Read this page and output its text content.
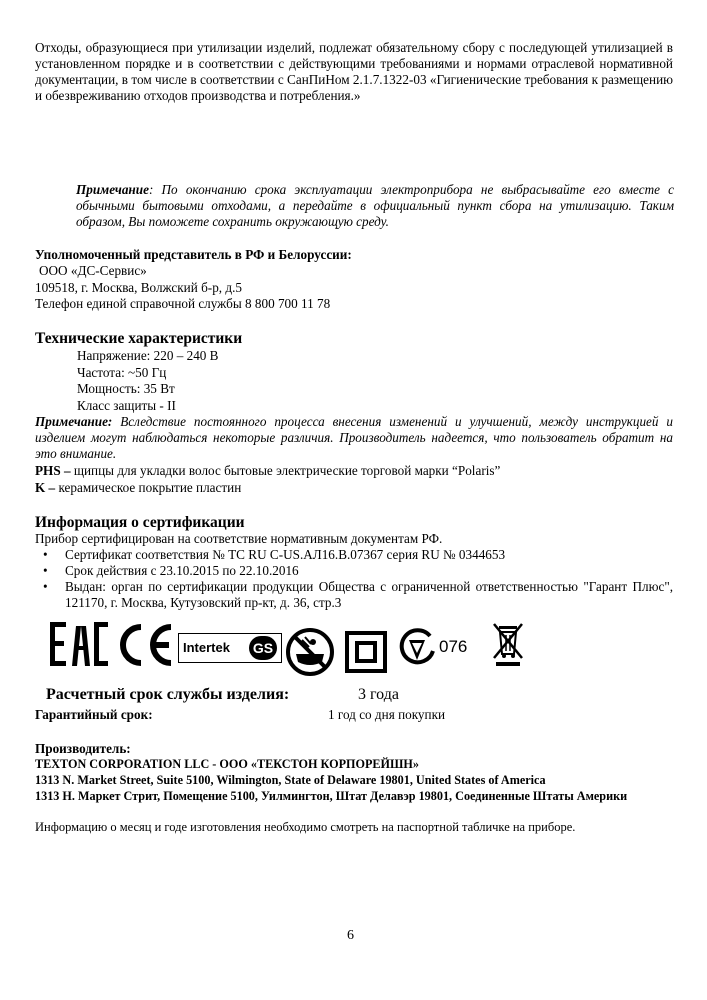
Отходы, образующиеся при утилизации изделий, подлежат обязательному сбору с последующей утилизацией в установленном порядке и в соответствии с действующими требованиями и нормами отраслевой нормативной документации, в том числе в соответствии с СанПиНом 2.1.7.1322-03 «Гигиенические требования к размещению и обезвреживанию отходов производства и потребления.»

Примечание: По окончанию срока эксплуатации электроприбора не выбрасывайте его вместе с обычными бытовыми отходами, а передайте в официальный пункт сбора на утилизацию. Таким образом, Вы поможете сохранить окружающую среду.

Уполномоченный представитель в РФ и Белоруссии:
ООО «ДС-Сервис»
109518, г. Москва, Волжский б-р, д.5
Телефон единой справочной службы 8 800 700 11 78
Технические характеристики
Напряжение: 220 – 240 В
Частота: ~50 Гц
Мощность: 35 Вт
Класс защиты - II

Примечание: Вследствие постоянного процесса внесения изменений и улучшений, между инструкцией и изделием могут наблюдаться некоторые различия. Производитель надеется, что пользователь обратит на это внимание.

PHS – щипцы для укладки волос бытовые электрические торговой марки “Polaris”
K – керамическое покрытие пластин
Информация о сертификации
Прибор сертифицирован на соответствие нормативным документам РФ.
• Сертификат соответствия № ТС RU C-US.АЛ16.В.07367 серия RU № 0344653
• Срок действия с 23.10.2015 по 22.10.2016
• Выдан: орган по сертификации продукции Общества с ограниченной ответственностью "Гарант Плюс", 121170, г. Москва, Кутузовский пр-кт, д. 36, стр.3
Intertek GS	076
Расчетный срок службы изделия:	3 года
Гарантийный срок:	1 год со дня покупки
Производитель:
TEXTON CORPORATION LLC - ООО «ТЕКСТОН КОРПОРЕЙШН»
1313 N. Market Street, Suite 5100, Wilmington, State of Delaware 19801, United States of America
1313 Н. Маркет Стрит, Помещение 5100, Уилмингтон, Штат Делавэр 19801, Соединенные Штаты Америки
Информацию о месяц и годе изготовления необходимо смотреть на паспортной табличке на приборе.
6
